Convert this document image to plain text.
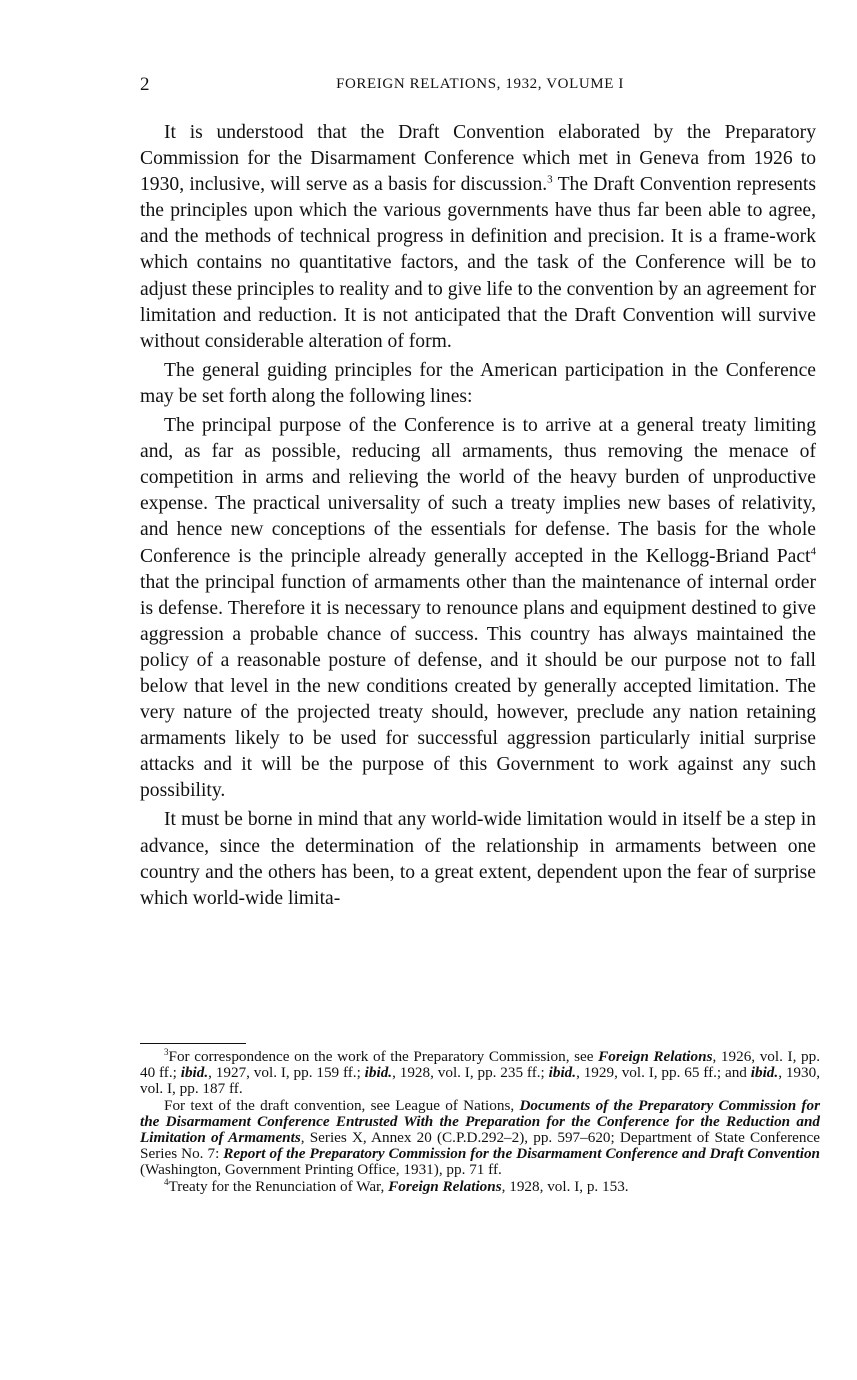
2	FOREIGN RELATIONS, 1932, VOLUME I

It is understood that the Draft Convention elaborated by the Preparatory Commission for the Disarmament Conference which met in Geneva from 1926 to 1930, inclusive, will serve as a basis for discussion.$^3$ The Draft Convention represents the principles upon which the various governments have thus far been able to agree, and the methods of technical progress in definition and precision. It is a frame-work which contains no quantitative factors, and the task of the Conference will be to adjust these principles to reality and to give life to the convention by an agreement for limitation and reduction. It is not anticipated that the Draft Convention will survive without considerable alteration of form.

The general guiding principles for the American participation in the Conference may be set forth along the following lines:

The principal purpose of the Conference is to arrive at a general treaty limiting and, as far as possible, reducing all armaments, thus removing the menace of competition in arms and relieving the world of the heavy burden of unproductive expense. The practical universality of such a treaty implies new bases of relativity, and hence new conceptions of the essentials for defense. The basis for the whole Conference is the principle already generally accepted in the Kellogg-Briand Pact$^4$ that the principal function of armaments other than the maintenance of internal order is defense. Therefore it is necessary to renounce plans and equipment destined to give aggression a probable chance of success. This country has always maintained the policy of a reasonable posture of defense, and it should be our purpose not to fall below that level in the new conditions created by generally accepted limitation. The very nature of the projected treaty should, however, preclude any nation retaining armaments likely to be used for successful aggression particularly initial surprise attacks and it will be the purpose of this Government to work against any such possibility.

It must be borne in mind that any world-wide limitation would in itself be a step in advance, since the determination of the relationship in armaments between one country and the others has been, to a great extent, dependent upon the fear of surprise which world-wide limita-

$^3$For correspondence on the work of the Preparatory Commission, see Foreign Relations, 1926, vol. I, pp. 40 ff.; ibid., 1927, vol. I, pp. 159 ff.; ibid., 1928, vol. I, pp. 235 ff.; ibid., 1929, vol. I, pp. 65 ff.; and ibid., 1930, vol. I, pp. 187 ff.

For text of the draft convention, see League of Nations, Documents of the Preparatory Commission for the Disarmament Conference Entrusted With the Preparation for the Conference for the Reduction and Limitation of Armaments, Series X, Annex 20 (C.P.D.292–2), pp. 597–620; Department of State Conference Series No. 7: Report of the Preparatory Commission for the Disarmament Conference and Draft Convention (Washington, Government Printing Office, 1931), pp. 71 ff.

$^4$Treaty for the Renunciation of War, Foreign Relations, 1928, vol. I, p. 153.
